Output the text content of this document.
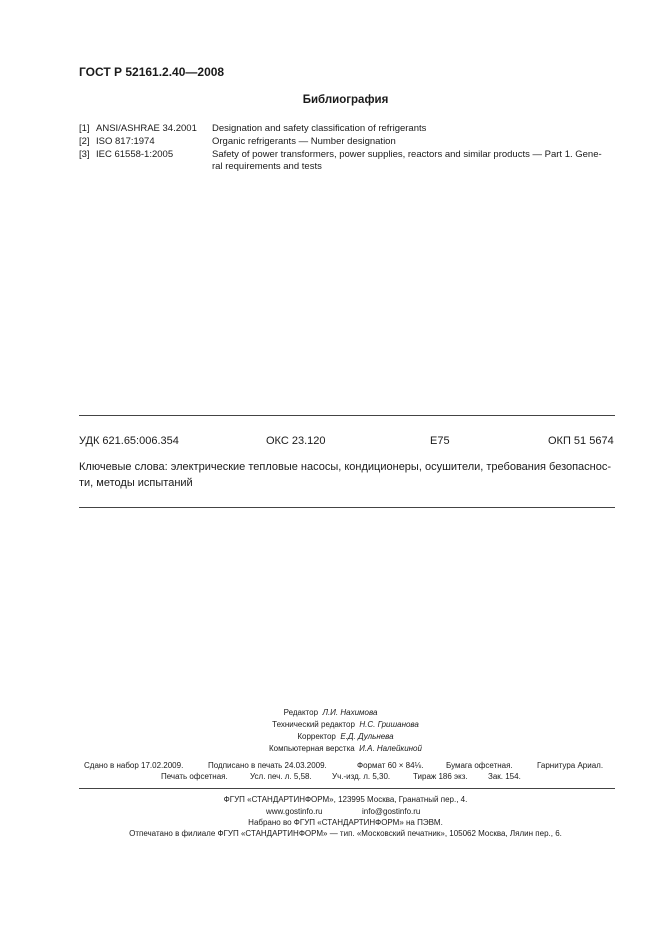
ГОСТ Р 52161.2.40—2008
Библиография
[1] ANSI/ASHRAE 34.2001 Designation and safety classification of refrigerants
[2] ISO 817:1974	Organic refrigerants — Number designation
[3] IEC 61558-1:2005	Safety of power transformers, power supplies, reactors and similar products — Part 1. Gene-
ral requirements and tests
УДК 621.65:006.354	ОКС 23.120	Е75	ОКП 51 5674
Ключевые слова: электрические тепловые насосы, кондиционеры, осушители, требования безопаснос-ти, методы испытаний
Редактор Л.И. Нахимова
Технический редактор Н.С. Гришанова
Корректор Е.Д. Дульнева
Компьютерная верстка И.А. Налейкиной
Сдано в набор 17.02.2009.	Подписано в печать 24.03.2009.	Формат 60 × 84⅛.	Бумага офсетная.	Гарнитура Ариал.
Печать офсетная.	Усл. печ. л. 5,58.	Уч.-изд. л. 5,30.	Тираж 186 экз.	Зак. 154.
ФГУП «СТАНДАРТИНФОРМ», 123995 Москва, Гранатный пер., 4.
www.gostinfo.ru	info@gostinfo.ru
Набрано во ФГУП «СТАНДАРТИНФОРМ» на ПЭВМ.
Отпечатано в филиале ФГУП «СТАНДАРТИНФОРМ» — тип. «Московский печатник», 105062 Москва, Лялин пер., 6.
